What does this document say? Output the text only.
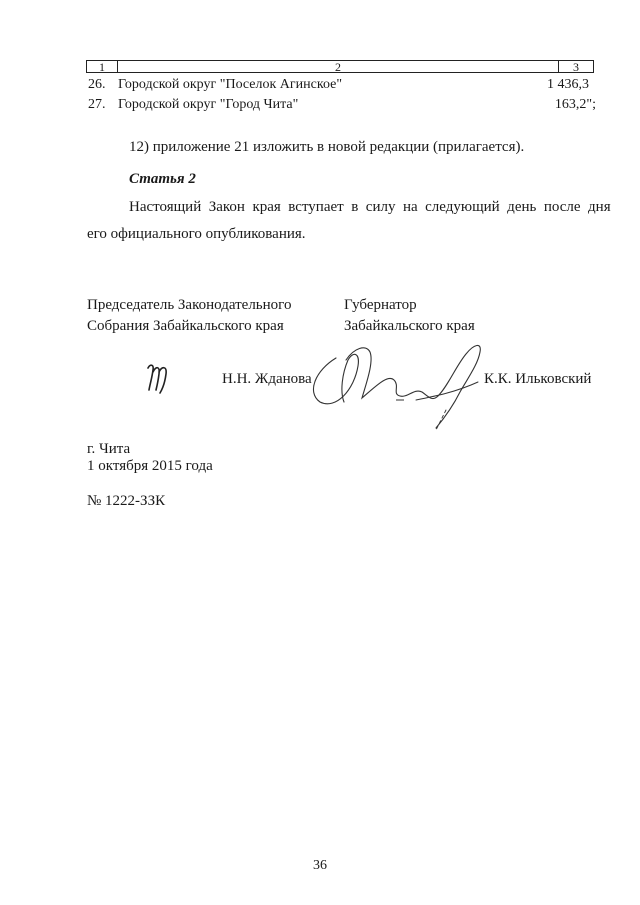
1	2	3
26. Городской округ "Поселок Агинское"	1 436,3
27. Городской округ "Город Чита"	163,2";
12) приложение 21 изложить в новой редакции (прилагается).
Статья 2
Настоящий  Закон  края  вступает  в  силу  на  следующий  день  после  дня
его официального опубликования.
Председатель Законодательного
Собрания Забайкальского края
Губернатор
Забайкальского края
Н.Н. Жданова	К.К. Ильковский
г. Чита
1 октября 2015 года
№ 1222-ЗЗК
36
